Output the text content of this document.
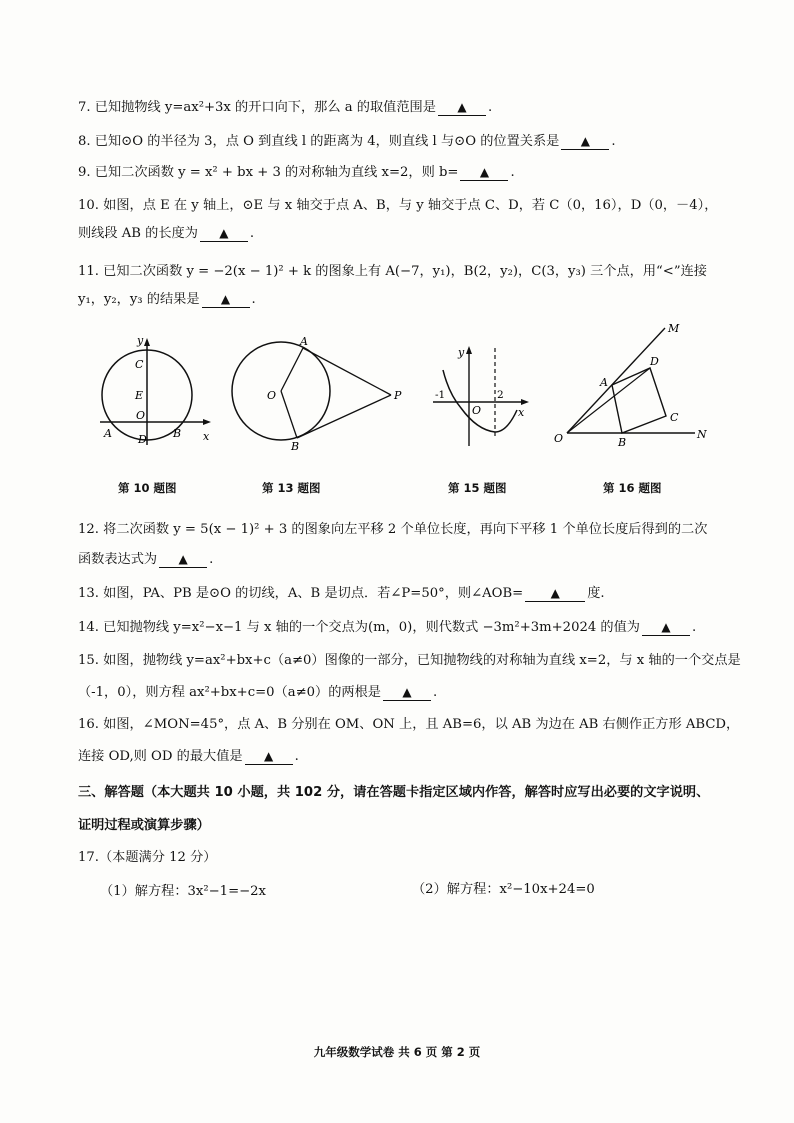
7. 已知抛物线 y=ax²+3x 的开口向下，那么 a 的取值范围是 ▲ .
8. 已知⊙O 的半径为 3，点 O 到直线 l 的距离为 4，则直线 l 与⊙O 的位置关系是 ▲ .
9. 已知二次函数 y = x² + bx + 3 的对称轴为直线 x=2，则 b= ▲ .
10. 如图，点 E 在 y 轴上，⊙E 与 x 轴交于点 A、B，与 y 轴交于点 C、D，若 C（0，16），D（0，－4），
则线段 AB 的长度为 ▲ .
11. 已知二次函数 y = −2(x − 1)² + k 的图象上有 A(−7，y₁)，B(2，y₂)，C(3，y₃) 三个点，用“<”连接
y₁，y₂，y₃ 的结果是 ▲ .
y
x
C
E
O
A	B
D
第 10 题图
O
A
B
P
第 13 题图
y
x
-1
O
2
第 15 题图
M
N
O
A
B
C
D
第 16 题图
12. 将二次函数 y = 5(x − 1)² + 3 的图象向左平移 2 个单位长度，再向下平移 1 个单位长度后得到的二次
函数表达式为 ▲ .
13. 如图，PA、PB 是⊙O 的切线，A、B 是切点．若∠P=50°，则∠AOB= ▲ 度.
14. 已知抛物线 y=x²−x−1 与 x 轴的一个交点为(m，0)，则代数式 −3m²+3m+2024 的值为 ▲ .
15. 如图，抛物线 y=ax²+bx+c（a≠0）图像的一部分，已知抛物线的对称轴为直线 x=2，与 x 轴的一个交点是
（-1，0），则方程 ax²+bx+c=0（a≠0）的两根是 ▲ .
16. 如图，∠MON=45°，点 A、B 分别在 OM、ON 上，且 AB=6，以 AB 为边在 AB 右侧作正方形 ABCD，
连接 OD,则 OD 的最大值是 ▲ .
三、解答题（本大题共 10 小题，共 102 分，请在答题卡指定区域内作答，解答时应写出必要的文字说明、
证明过程或演算步骤）
17.（本题满分 12 分）
（1）解方程：3x²−1=−2x	（2）解方程：x²−10x+24=0
九年级数学试卷 共 6 页 第 2 页
